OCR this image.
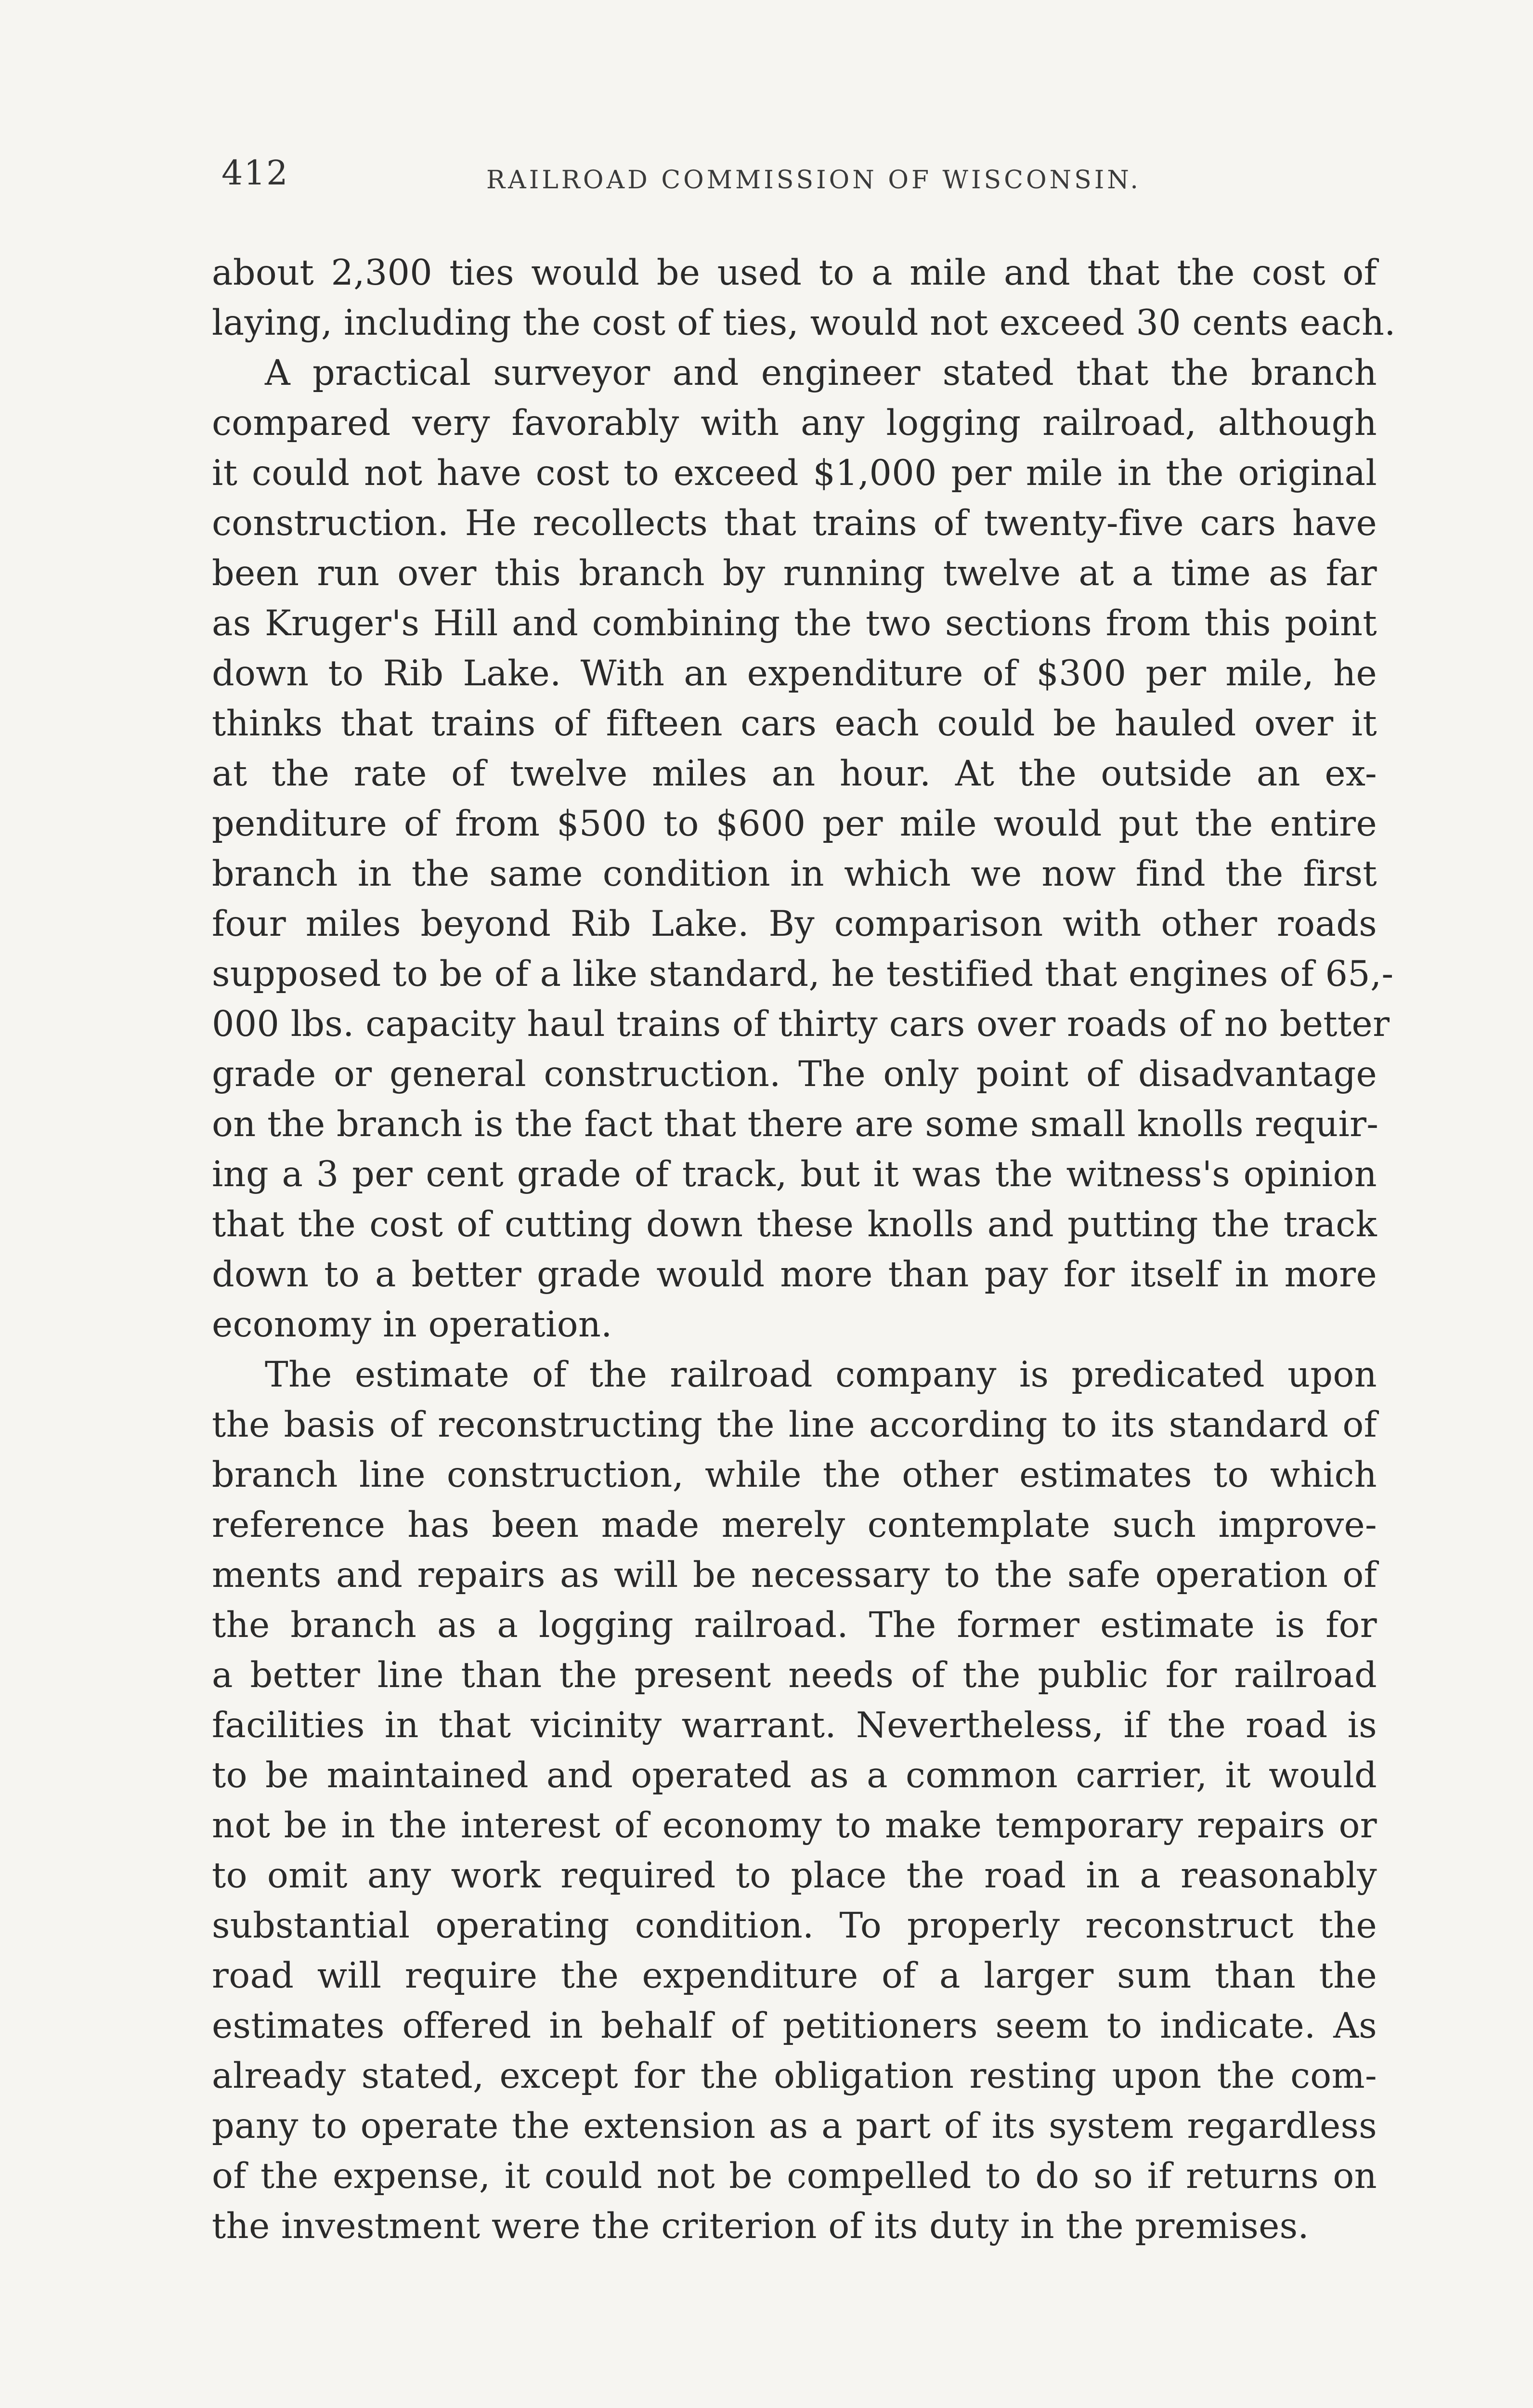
412	RAILROAD COMMISSION OF WISCONSIN.
about 2,300 ties would be used to a mile and that the cost of
laying, including the cost of ties, would not exceed 30 cents each.
A practical surveyor and engineer stated that the branch
compared very favorably with any logging railroad, although
it could not have cost to exceed $1,000 per mile in the original
construction. He recollects that trains of twenty-five cars have
been run over this branch by running twelve at a time as far
as Kruger's Hill and combining the two sections from this point
down to Rib Lake. With an expenditure of $300 per mile, he
thinks that trains of fifteen cars each could be hauled over it
at the rate of twelve miles an hour. At the outside an ex-
penditure of from $500 to $600 per mile would put the entire
branch in the same condition in which we now find the first
four miles beyond Rib Lake. By comparison with other roads
supposed to be of a like standard, he testified that engines of 65,-
000 lbs. capacity haul trains of thirty cars over roads of no better
grade or general construction. The only point of disadvantage
on the branch is the fact that there are some small knolls requir-
ing a 3 per cent grade of track, but it was the witness's opinion
that the cost of cutting down these knolls and putting the track
down to a better grade would more than pay for itself in more
economy in operation.
The estimate of the railroad company is predicated upon
the basis of reconstructing the line according to its standard of
branch line construction, while the other estimates to which
reference has been made merely contemplate such improve-
ments and repairs as will be necessary to the safe operation of
the branch as a logging railroad. The former estimate is for
a better line than the present needs of the public for railroad
facilities in that vicinity warrant. Nevertheless, if the road is
to be maintained and operated as a common carrier, it would
not be in the interest of economy to make temporary repairs or
to omit any work required to place the road in a reasonably
substantial operating condition. To properly reconstruct the
road will require the expenditure of a larger sum than the
estimates offered in behalf of petitioners seem to indicate. As
already stated, except for the obligation resting upon the com-
pany to operate the extension as a part of its system regardless
of the expense, it could not be compelled to do so if returns on
the investment were the criterion of its duty in the premises.
